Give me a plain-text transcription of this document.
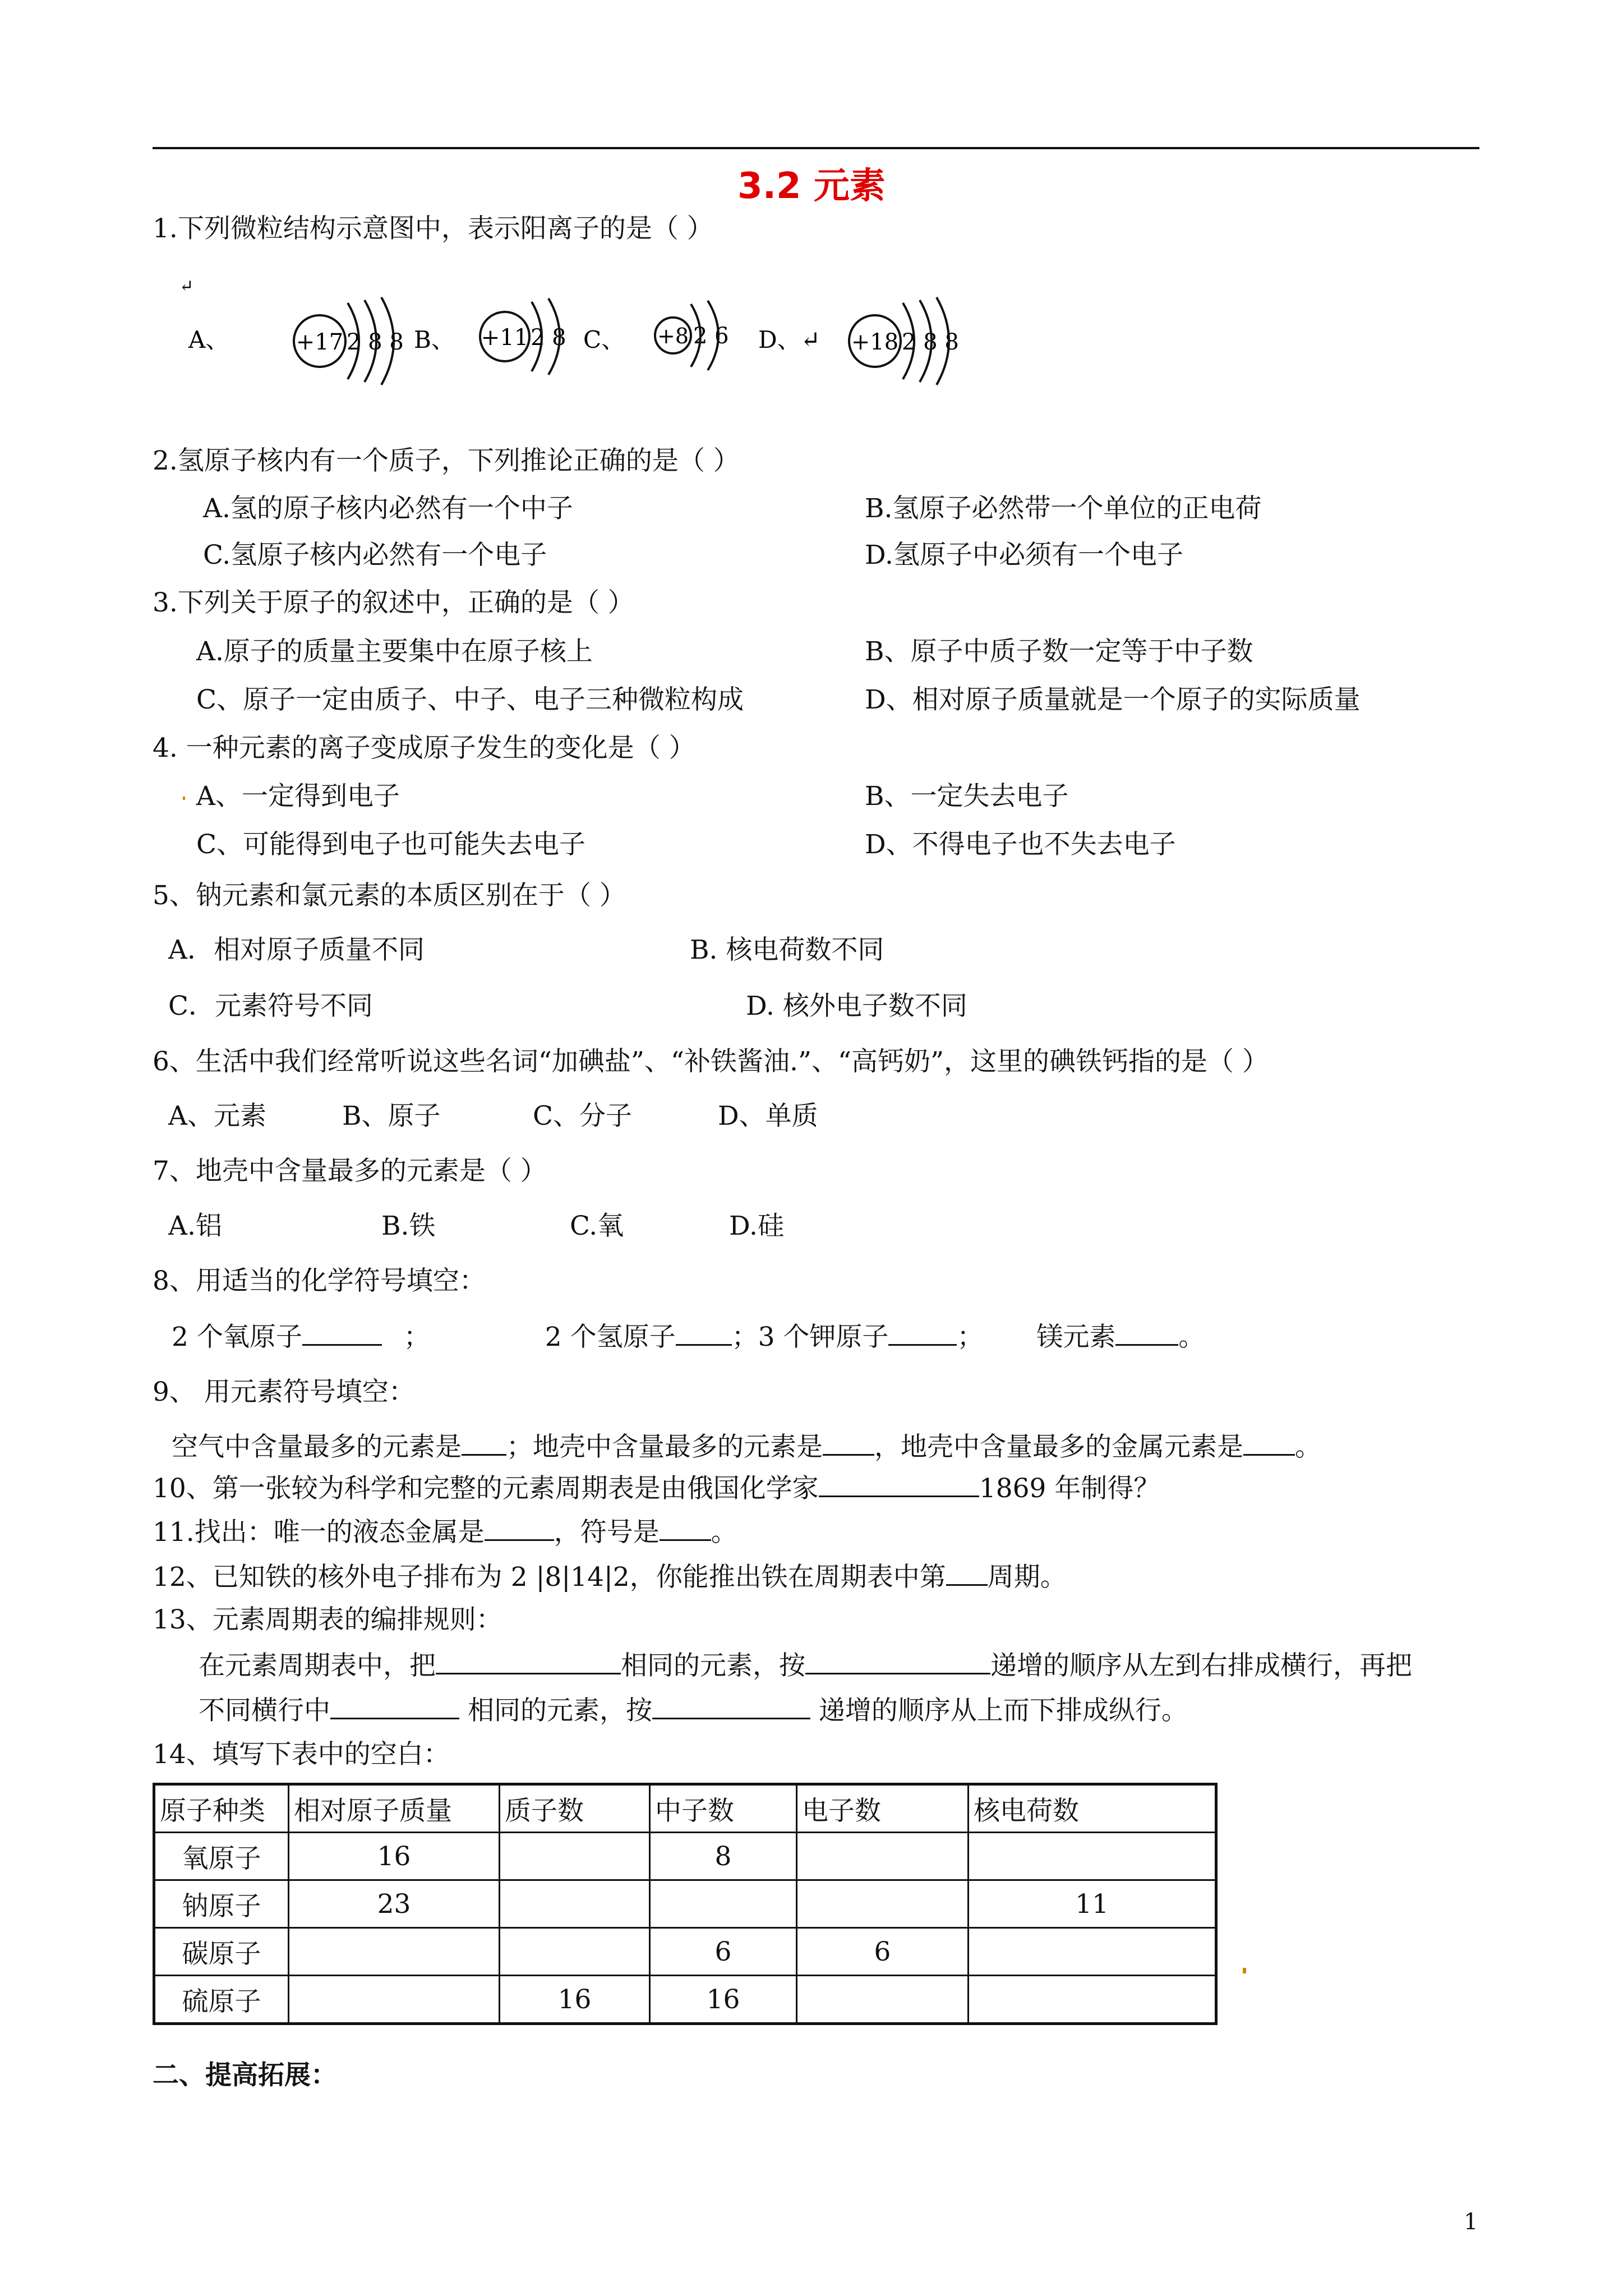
3.2 元素
1.下列微粒结构示意图中，表示阳离子的是（ ）
↵
A、	+17 2 8 8 B、 +11 2 8 C、 +8 2 6 D、↵ +18 2 8 8
2.氢原子核内有一个质子，下列推论正确的是（ ）
A.氢的原子核内必然有一个中子	B.氢原子必然带一个单位的正电荷
C.氢原子核内必然有一个电子	D.氢原子中必须有一个电子
3.下列关于原子的叙述中，正确的是（ ）
A.原子的质量主要集中在原子核上	B、原子中质子数一定等于中子数
C、原子一定由质子、中子、电子三种微粒构成	D、相对原子质量就是一个原子的实际质量
4. 一种元素的离子变成原子发生的变化是（ ）
A、一定得到电子	B、一定失去电子
C、可能得到电子也可能失去电子	D、不得电子也不失去电子
5、钠元素和氯元素的本质区别在于（ ）
A．相对原子质量不同	B. 核电荷数不同
C．元素符号不同	D. 核外电子数不同
6、生活中我们经常听说这些名词“加碘盐”、“补铁酱油.”、“高钙奶”，这里的碘铁钙指的是（ ）
A、元素	B、原子	C、分子	D、单质
7、地壳中含量最多的元素是（ ）
A.铝	B.铁	C.氧	D.硅
8、用适当的化学符号填空：
2 个氧原子	；	2 个氢原子 ；3 个钾原子	； 镁元素 。
9、 用元素符号填空：
空气中含量最多的元素是 ；地壳中含量最多的元素是 ，地壳中含量最多的金属元素是 。
10、第一张较为科学和完整的元素周期表是由俄国化学家	1869 年制得？
11.找出：唯一的液态金属是	，符号是 。
12、已知铁的核外电子排布为 2 |8|14|2，你能推出铁在周期表中第 周期。
13、元素周期表的编排规则：
在元素周期表中，把	相同的元素，按	递增的顺序从左到右排成横行，再把
不同横行中	相同的元素，按	递增的顺序从上而下排成纵行。
14、填写下表中的空白：
原子种类	相对原子质量	质子数	中子数	电子数	核电荷数
氧原子	16		8		
钠原子	23				11
碳原子			6	6	
硫原子		16	16		
二、提高拓展：
1
